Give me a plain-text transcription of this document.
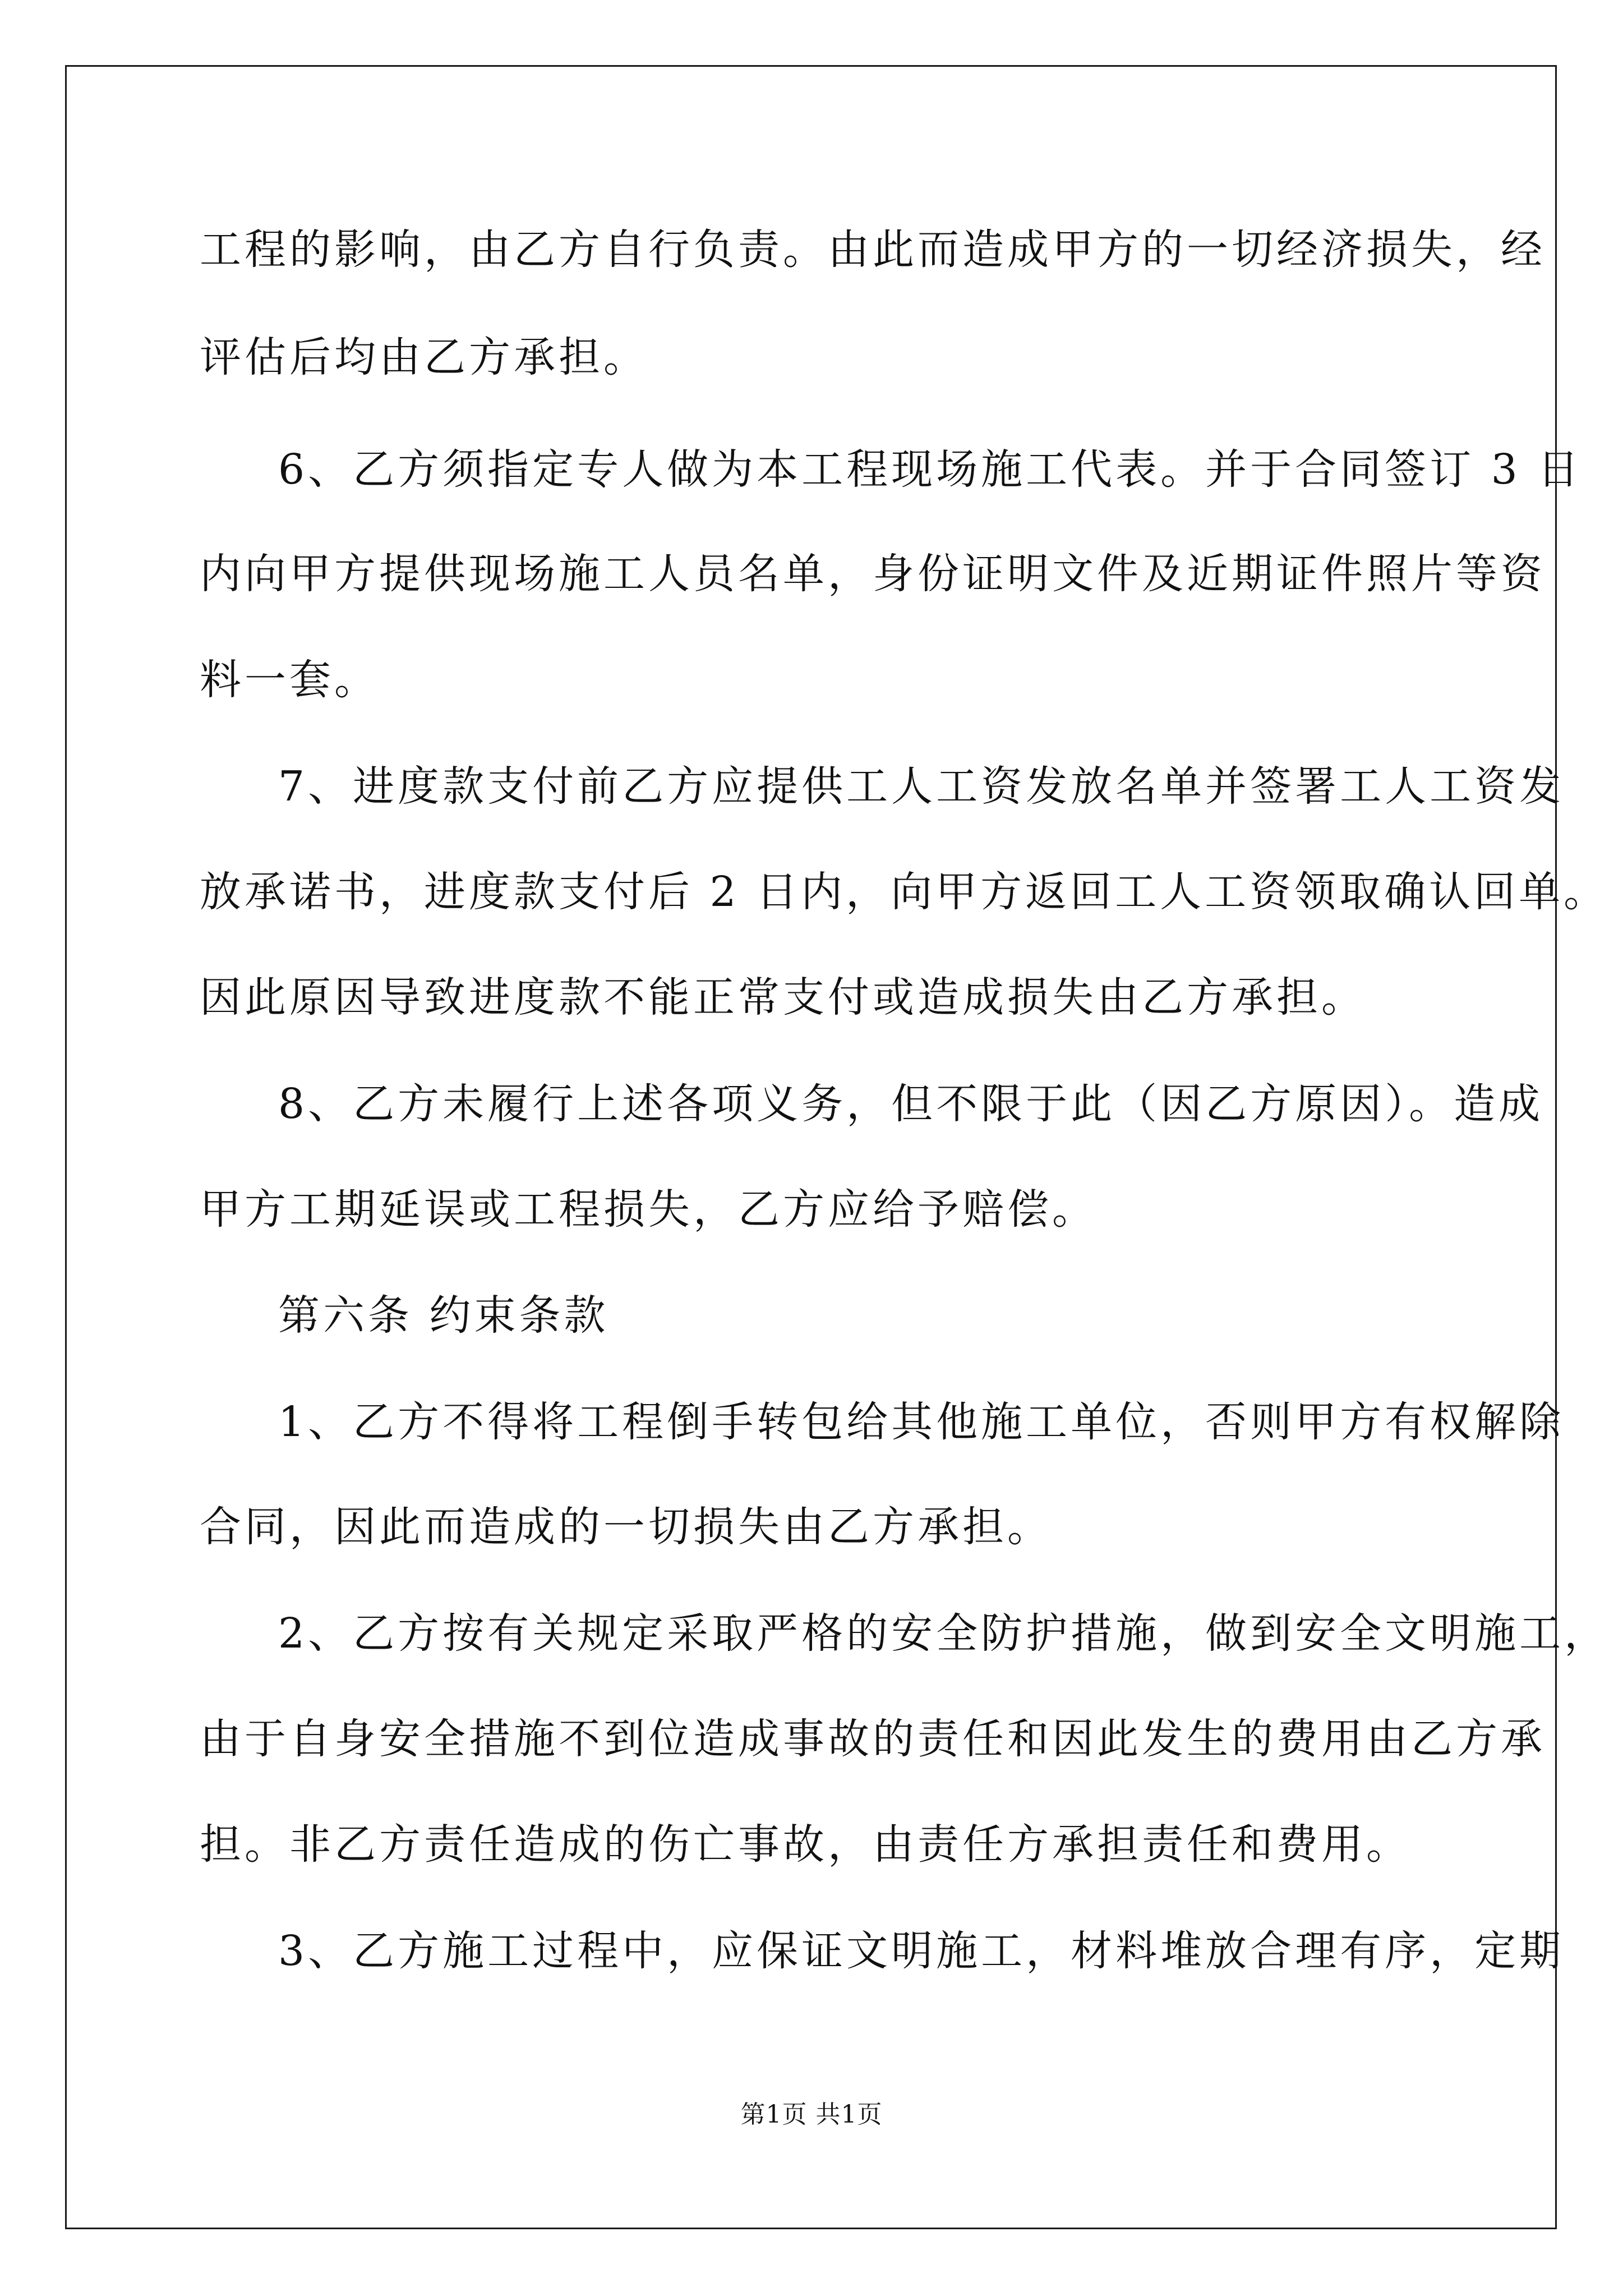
工程的影响，由乙方自行负责。由此而造成甲方的一切经济损失，经
评估后均由乙方承担。
6、乙方须指定专人做为本工程现场施工代表。并于合同签订 3 日
内向甲方提供现场施工人员名单，身份证明文件及近期证件照片等资
料一套。
7、进度款支付前乙方应提供工人工资发放名单并签署工人工资发
放承诺书，进度款支付后 2 日内，向甲方返回工人工资领取确认回单。
因此原因导致进度款不能正常支付或造成损失由乙方承担。
8、乙方未履行上述各项义务，但不限于此（因乙方原因）。造成
甲方工期延误或工程损失，乙方应给予赔偿。
第六条 约束条款
1、乙方不得将工程倒手转包给其他施工单位，否则甲方有权解除
合同，因此而造成的一切损失由乙方承担。
2、乙方按有关规定采取严格的安全防护措施，做到安全文明施工，
由于自身安全措施不到位造成事故的责任和因此发生的费用由乙方承
担。非乙方责任造成的伤亡事故，由责任方承担责任和费用。
3、乙方施工过程中，应保证文明施工，材料堆放合理有序，定期
第1页 共1页
